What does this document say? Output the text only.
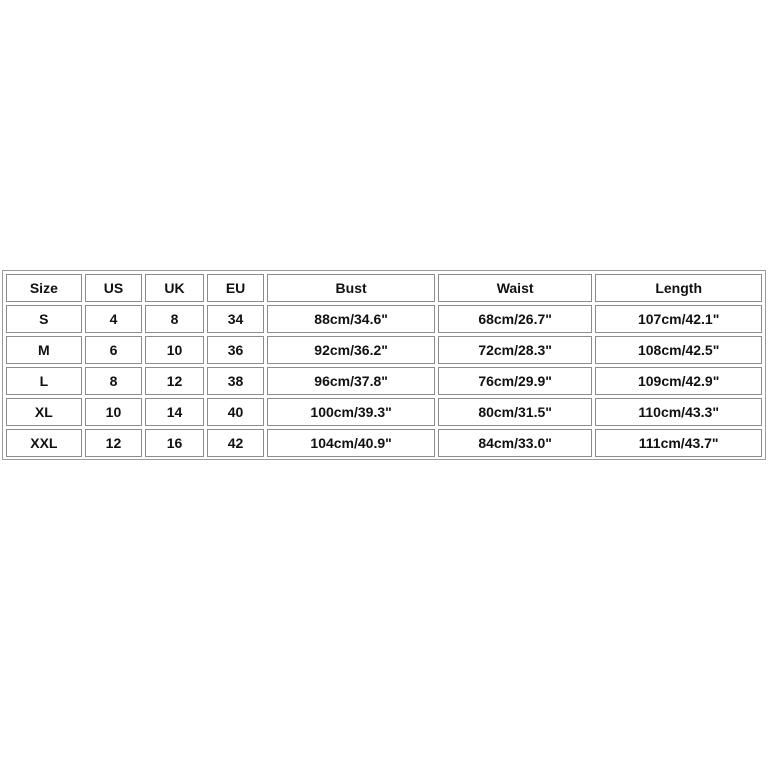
Size	US	UK	EU	Bust	Waist	Length
S	4	8	34	88cm/34.6"	68cm/26.7"	107cm/42.1"
M	6	10	36	92cm/36.2"	72cm/28.3"	108cm/42.5"
L	8	12	38	96cm/37.8"	76cm/29.9"	109cm/42.9"
XL	10	14	40	100cm/39.3"	80cm/31.5"	110cm/43.3"
XXL	12	16	42	104cm/40.9"	84cm/33.0"	111cm/43.7"
